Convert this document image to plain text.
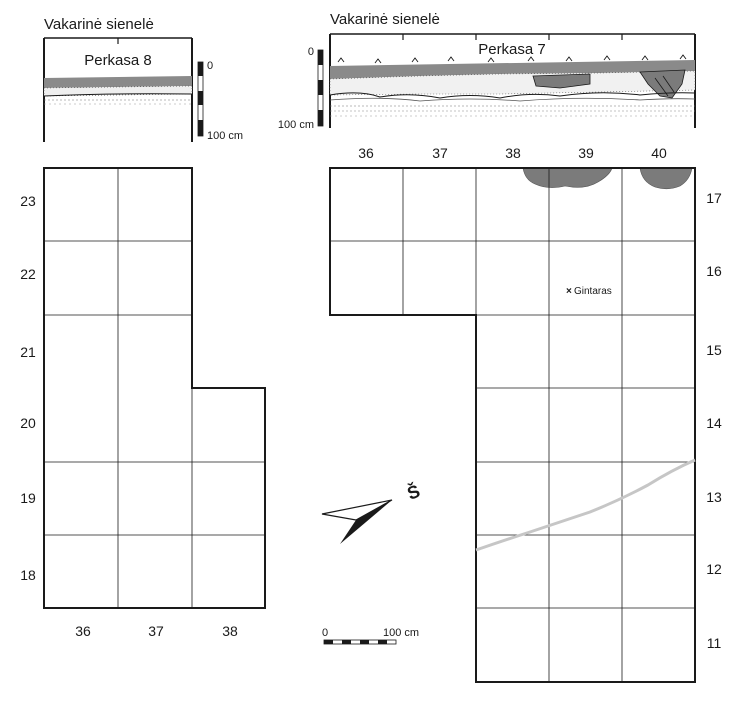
Vakarinė sienelė
Perkasa 8	0
100 cm
Vakarinė sienelė
Perkasa 7
0
100 cm
36	37	38	39	40
23
22
21
20
19
18
36	37	38
× Gintaras
17
16
15
14
13
12
11
Š
0	100 cm
